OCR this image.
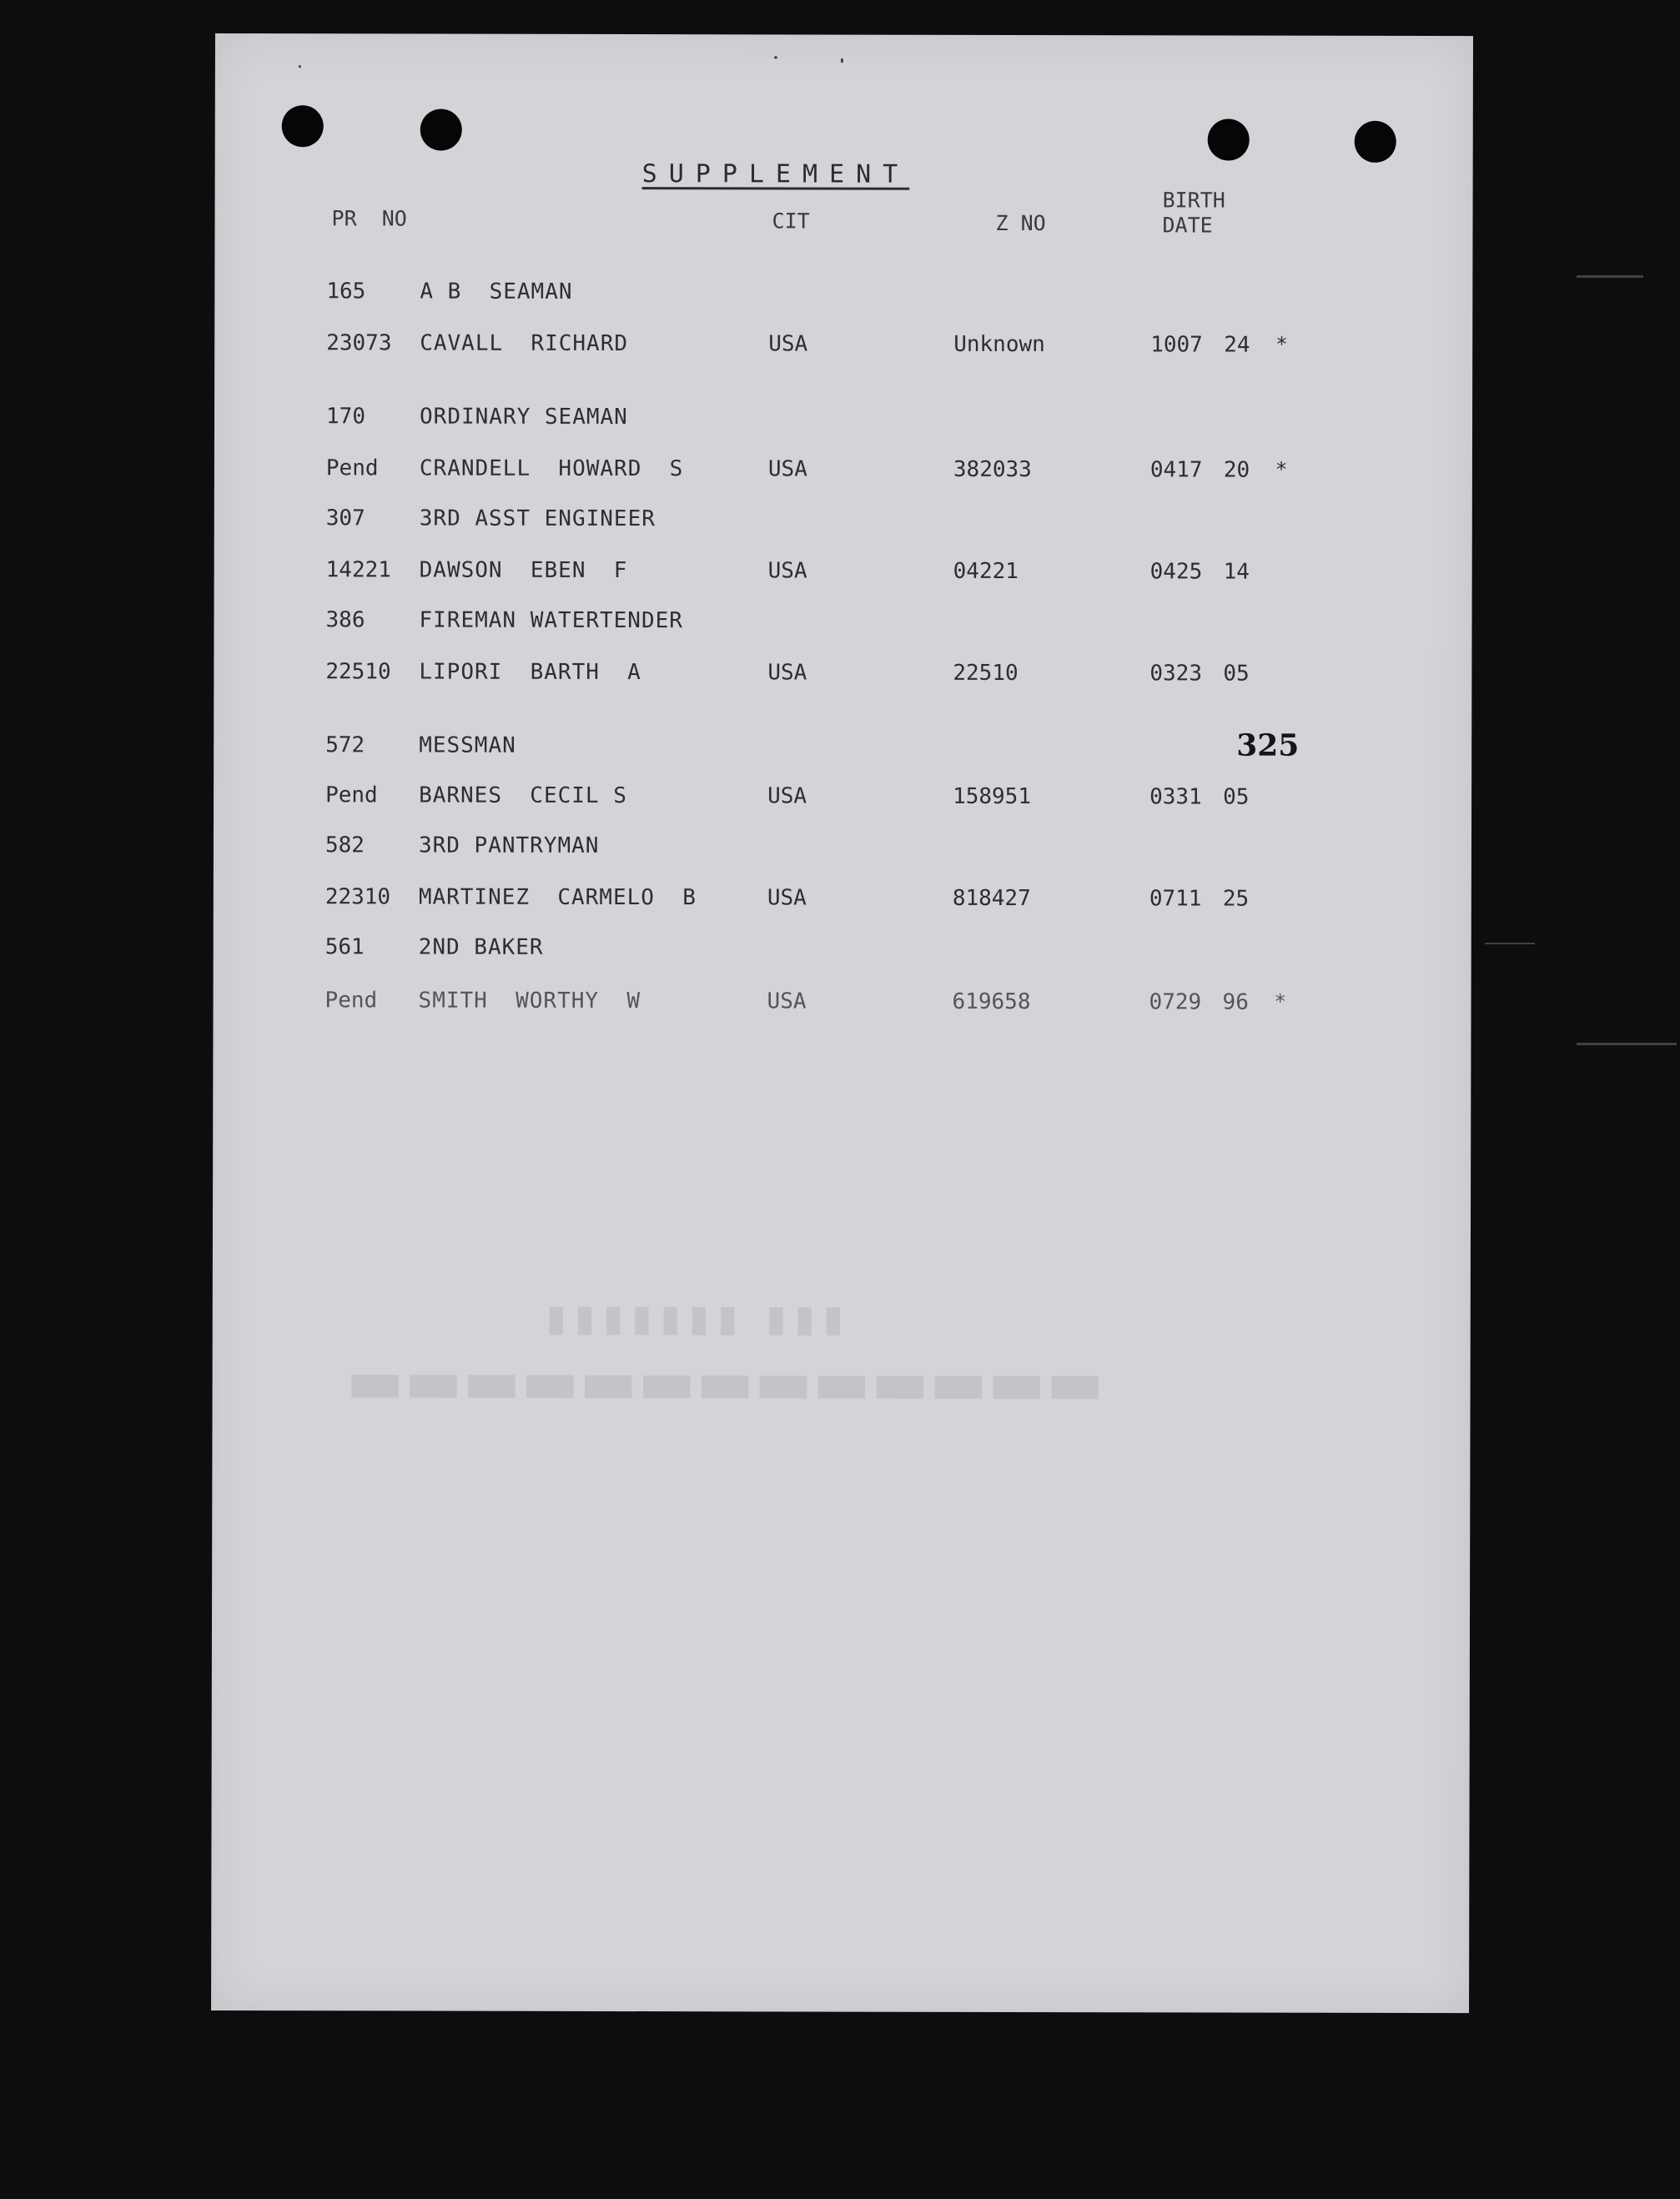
SUPPLEMENT
PR  NO	CIT	Z NO
BIRTH
DATE
165 A B  SEAMAN
23073 CAVALL  RICHARD	USA	Unknown	1007 24 *
170 ORDINARY SEAMAN
Pend CRANDELL  HOWARD  S	USA	382033	0417 20 *
307 3RD ASST ENGINEER
14221 DAWSON  EBEN  F	USA	04221	0425 14
386 FIREMAN WATERTENDER
22510 LIPORI  BARTH  A	USA	22510	0323 05
572 MESSMAN
Pend BARNES  CECIL S	USA	158951	0331 05
582 3RD PANTRYMAN
22310 MARTINEZ  CARMELO  B	USA	818427	0711 25
561 2ND BAKER
Pend SMITH  WORTHY  W	USA	619658	0729 96 *
325
▮▮▮▮▮▮▮ ▮▮▮
▬▬▬▬▬▬▬▬▬▬▬▬▬
